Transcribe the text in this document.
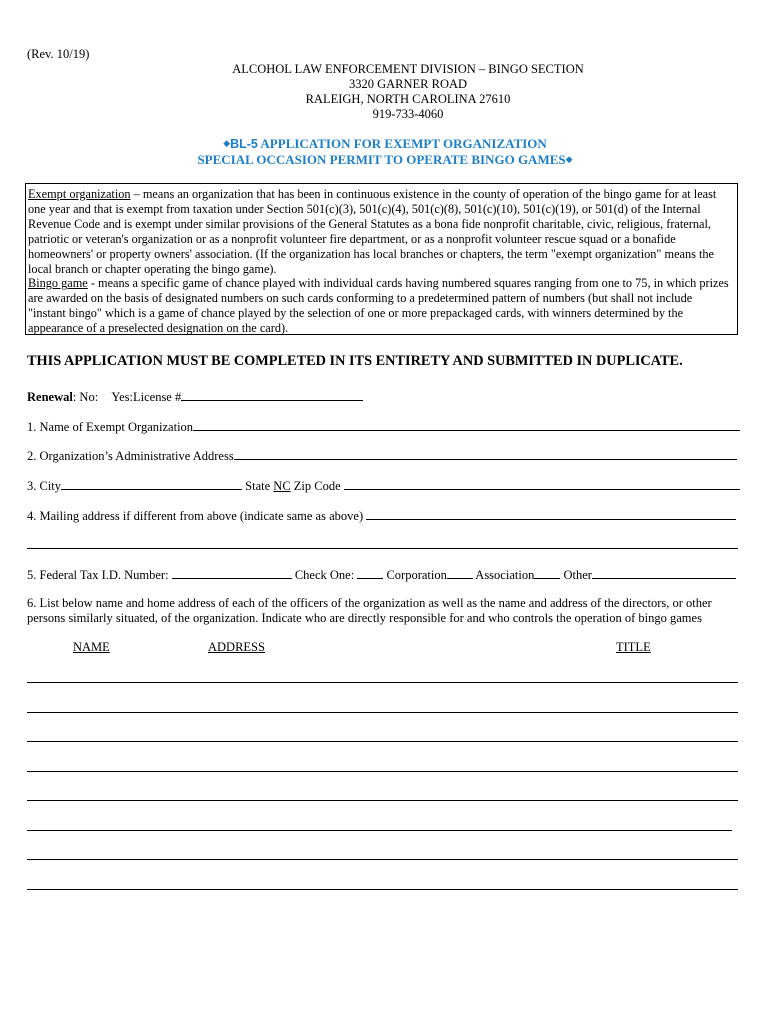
(Rev. 10/19)
ALCOHOL LAW ENFORCEMENT DIVISION – BINGO SECTION
3320 GARNER ROAD
RALEIGH, NORTH CAROLINA 27610
919-733-4060
◆BL-5 APPLICATION FOR EXEMPT ORGANIZATION
SPECIAL OCCASION PERMIT TO OPERATE BINGO GAMES◆
Exempt organization – means an organization that has been in continuous existence in the county of operation of the bingo game for at least one year and that is exempt from taxation under Section 501(c)(3), 501(c)(4), 501(c)(8), 501(c)(10), 501(c)(19), or 501(d) of the Internal Revenue Code and is exempt under similar provisions of the General Statutes as a bona fide nonprofit charitable, civic, religious, fraternal, patriotic or veteran's organization or as a nonprofit volunteer fire department, or as a nonprofit volunteer rescue squad or a bonafide homeowners' or property owners' association. (If the organization has local branches or chapters, the term "exempt organization" means the local branch or chapter operating the bingo game).
Bingo game - means a specific game of chance played with individual cards having numbered squares ranging from one to 75, in which prizes are awarded on the basis of designated numbers on such cards conforming to a predetermined pattern of numbers (but shall not include "instant bingo" which is a game of chance played by the selection of one or more prepackaged cards, with winners determined by the appearance of a preselected designation on the card).
THIS APPLICATION MUST BE COMPLETED IN ITS ENTIRETY AND SUBMITTED IN DUPLICATE.
Renewal: No: Yes:License #
1. Name of Exempt Organization
2. Organization’s Administrative Address
3. City	State NC Zip Code
4. Mailing address if different from above (indicate same as above)
5. Federal Tax I.D. Number:	Check One:  Corporation Association Other
6. List below name and home address of each of the officers of the organization as well as the name and address of the directors, or other persons similarly situated, of the organization. Indicate who are directly responsible for and who controls the operation of bingo games
NAME	ADDRESS	TITLE
